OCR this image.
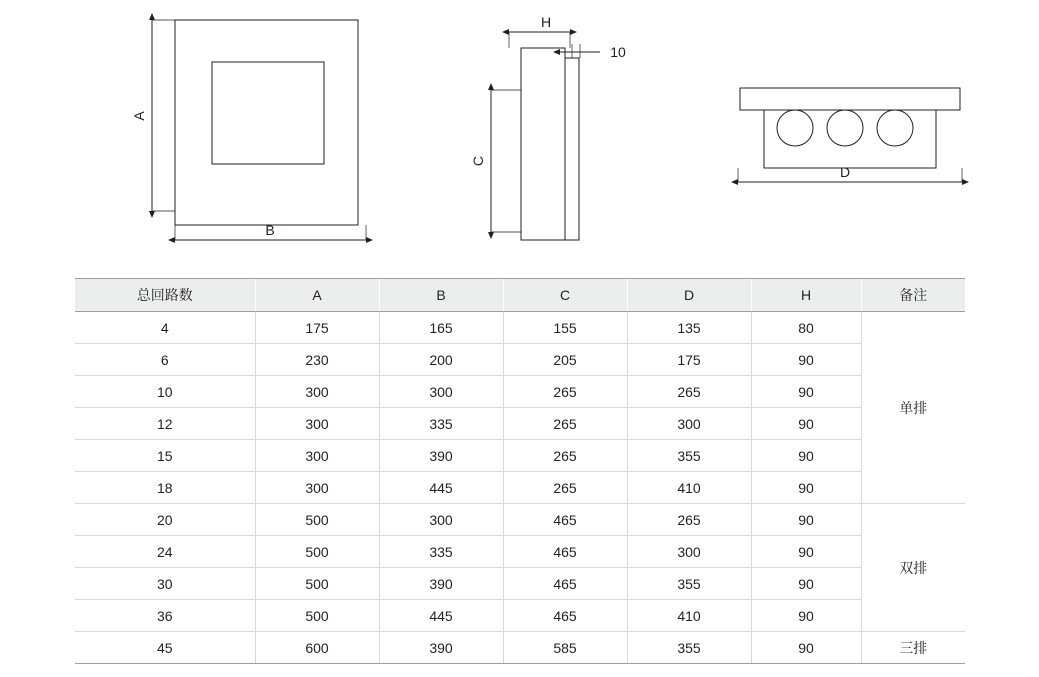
A
B
H
10
C
D
总回路数	A	B	C	D	H	备注
4	175	165	155	135	80	单排
6	230	200	205	175	90	
10	300	300	265	265	90	
12	300	335	265	300	90	
15	300	390	265	355	90	
18	300	445	265	410	90	
20	500	300	465	265	90	双排
24	500	335	465	300	90	
30	500	390	465	355	90	
36	500	445	465	410	90	
45	600	390	585	355	90	三排
